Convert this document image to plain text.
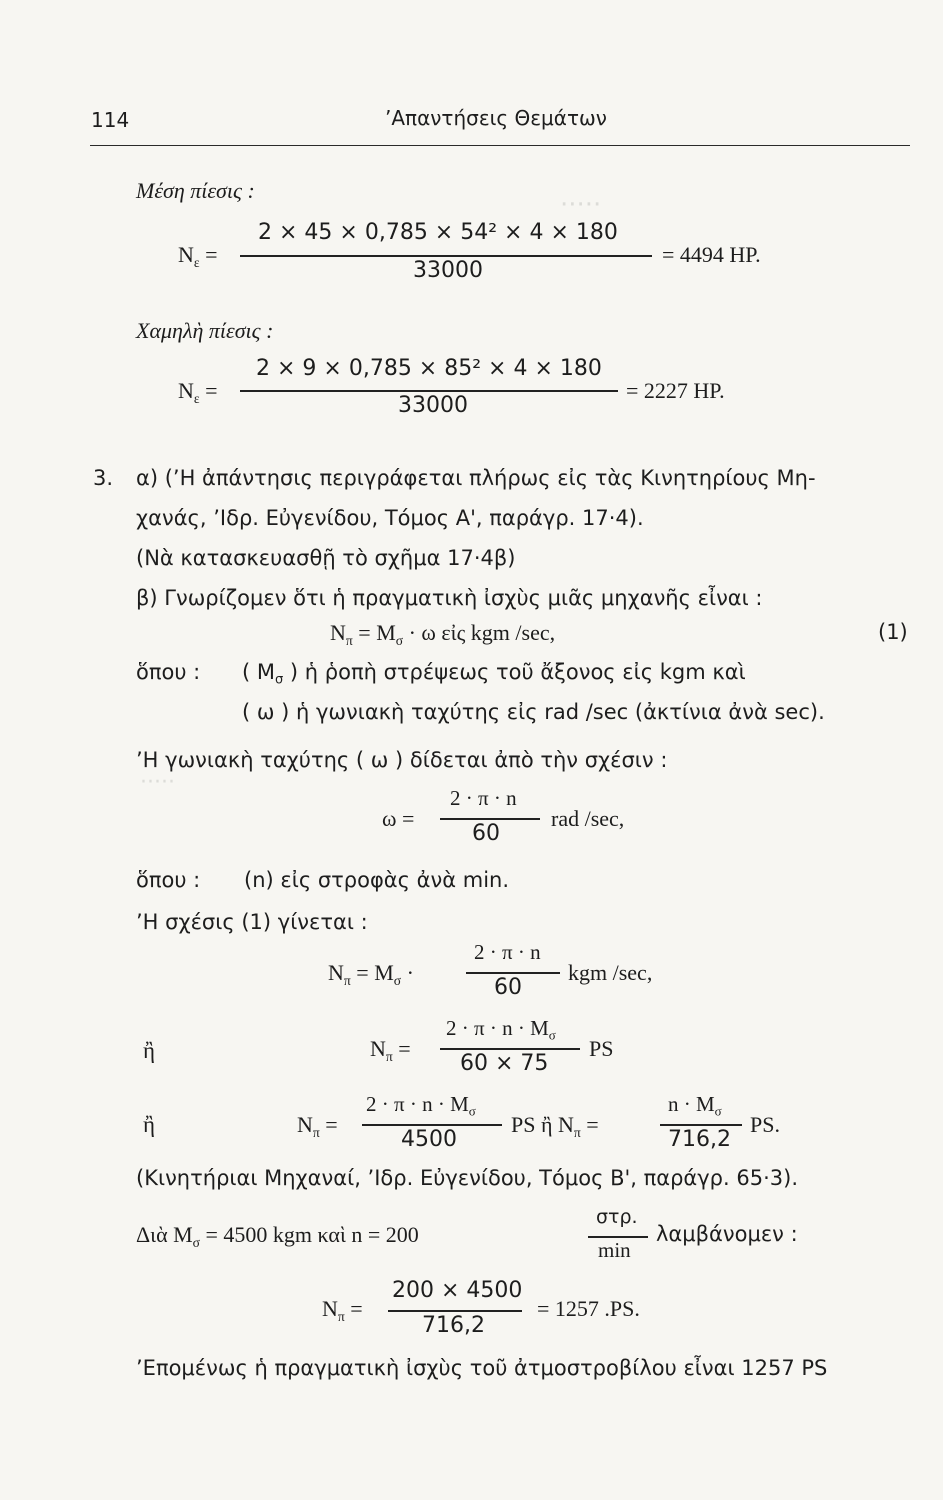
·····
·····
114	’Απαντήσεις Θεμάτων
Μέση πίεσις :
$N_\varepsilon$ =
2 × 45 × 0,785 × 54² × 4 × 180
33000
= 4494 HP.
Χαμηλὴ πίεσις :
$N_\varepsilon$ =
2 × 9 × 0,785 × 85² × 4 × 180
33000
= 2227 HP.
3. α) (’Η ἀπάντησις περιγράφεται πλήρως εἰς τὰς Κινητηρίους Μη-
χανάς, ’Ιδρ. Εὐγενίδου, Τόμος Α', παράγρ. 17·4).
(Νὰ κατασκευασθῇ τὸ σχῆμα 17·4β)
β) Γνωρίζομεν ὅτι ἡ πραγματικὴ ἰσχὺς μιᾶς μηχανῆς εἶναι :
$N_\pi = M_\sigma \cdot \omega$ εἰς kgm /sec,	(1)
ὅπου : ( $M_\sigma$ ) ἡ ῥοπὴ στρέψεως τοῦ ἄξονος εἰς kgm καὶ
( ω ) ἡ γωνιακὴ ταχύτης εἰς rad /sec (ἀκτίνια ἀνὰ sec).
’Η γωνιακὴ ταχύτης ( ω ) δίδεται ἀπὸ τὴν σχέσιν :
ω =
2 · π · n
60
rad /sec,
ὅπου : (n) εἰς στροφὰς ἀνὰ min.
’Η σχέσις (1) γίνεται :
$N_\pi = M_\sigma$ ·
2 · π · n
60
kgm /sec,
ἢ	$N_\pi$ =
$2 \cdot \pi \cdot n \cdot M_\sigma$
60 × 75
PS
ἢ	$N_\pi$ =
$2 \cdot \pi \cdot n \cdot M_\sigma$
4500
PS ἢ $N_\pi$ =
$n \cdot M_\sigma$
716,2
PS.
(Κινητήριαι Μηχαναί, ’Ιδρ. Εὐγενίδου, Τόμος Β', παράγρ. 65·3).
Διὰ $M_\sigma = 4500$ kgm καὶ n = 200
στρ.
min
λαμβάνομεν :
$N_\pi$ =
200 × 4500
716,2
= 1257 .PS.
’Επομένως ἡ πραγματικὴ ἰσχὺς τοῦ ἀτμοστροβίλου εἶναι 1257 PS
